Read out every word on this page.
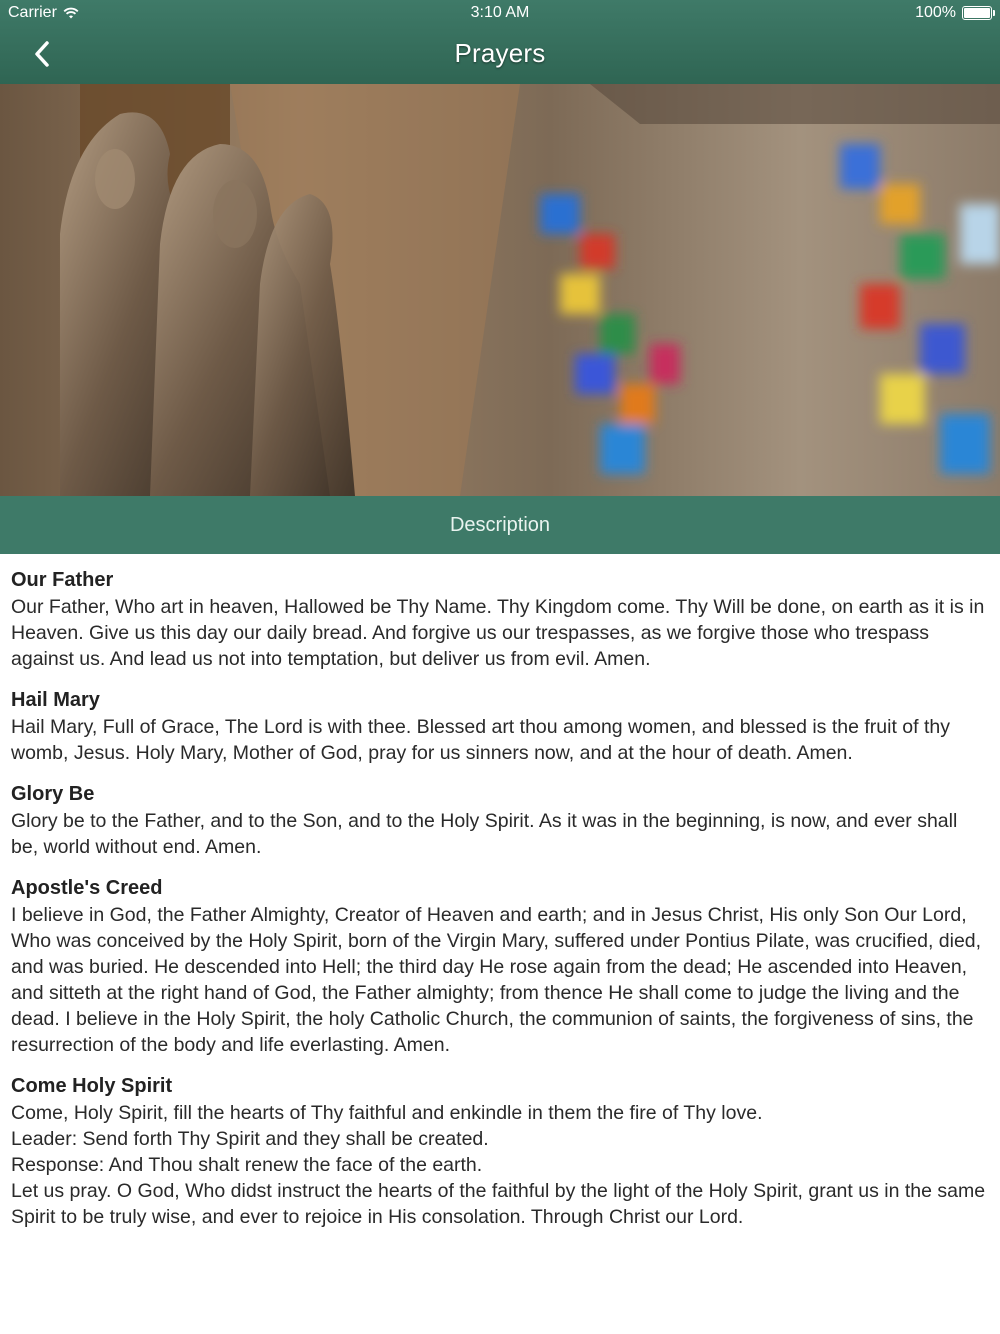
Carrier	3:10 AM	100%
Prayers
Description
Our Father

Our Father, Who art in heaven, Hallowed be Thy Name. Thy Kingdom come. Thy Will be done, on earth as it is in Heaven. Give us this day our daily bread. And forgive us our trespasses, as we forgive those who trespass against us. And lead us not into temptation, but deliver us from evil. Amen.

Hail Mary

Hail Mary, Full of Grace, The Lord is with thee. Blessed art thou among women, and blessed is the fruit of thy womb, Jesus. Holy Mary, Mother of God, pray for us sinners now, and at the hour of death. Amen.

Glory Be

Glory be to the Father, and to the Son, and to the Holy Spirit. As it was in the beginning, is now, and ever shall be, world without end. Amen.

Apostle's Creed

I believe in God, the Father Almighty, Creator of Heaven and earth; and in Jesus Christ, His only Son Our Lord, Who was conceived by the Holy Spirit, born of the Virgin Mary, suffered under Pontius Pilate, was crucified, died, and was buried. He descended into Hell; the third day He rose again from the dead; He ascended into Heaven, and sitteth at the right hand of God, the Father almighty; from thence He shall come to judge the living and the dead. I believe in the Holy Spirit, the holy Catholic Church, the communion of saints, the forgiveness of sins, the resurrection of the body and life everlasting. Amen.

Come Holy Spirit

Come, Holy Spirit, fill the hearts of Thy faithful and enkindle in them the fire of Thy love.
Leader: Send forth Thy Spirit and they shall be created.
Response: And Thou shalt renew the face of the earth.
Let us pray. O God, Who didst instruct the hearts of the faithful by the light of the Holy Spirit, grant us in the same Spirit to be truly wise, and ever to rejoice in His consolation. Through Christ our Lord.
